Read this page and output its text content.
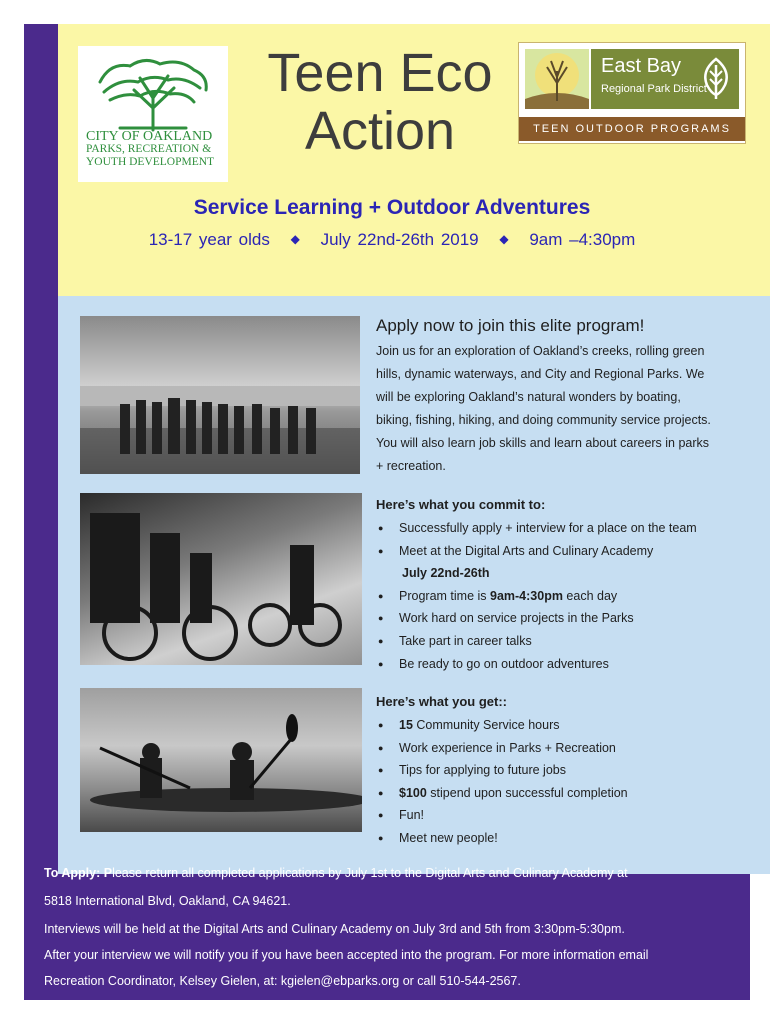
CITY OF OAKLAND
PARKS, RECREATION &
YOUTH DEVELOPMENT
Teen Eco
Action
East Bay
Regional Park District
TEEN OUTDOOR PROGRAMS
Service Learning + Outdoor Adventures
13-17 year olds ◆ July 22nd-26th 2019 ◆ 9am –4:30pm
Apply now to join this elite program!
Join us for an exploration of Oakland’s creeks, rolling green hills, dynamic waterways, and City and Regional Parks. We will be exploring Oakland’s natural wonders by boating, biking, fishing, hiking, and doing community service projects. You will also learn job skills and learn about careers in parks + recreation.
Here’s what you commit to:
● Successfully apply + interview for a place on the team
● Meet at the Digital Arts and Culinary Academy
July 22nd-26th
● Program time is 9am-4:30pm each day
● Work hard on service projects in the Parks
● Take part in career talks
● Be ready to go on outdoor adventures
Here’s what you get::
● 15 Community Service hours
● Work experience in Parks + Recreation
● Tips for applying to future jobs
● $100 stipend upon successful completion
● Fun!
● Meet new people!
To Apply: Please return all completed applications by July 1st to the Digital Arts and Culinary Academy at
5818 International Blvd, Oakland, CA 94621.
Interviews will be held at the Digital Arts and Culinary Academy on July 3rd and 5th from 3:30pm-5:30pm.
After your interview we will notify you if you have been accepted into the program. For more information email
Recreation Coordinator, Kelsey Gielen, at: kgielen@ebparks.org or call 510-544-2567.
